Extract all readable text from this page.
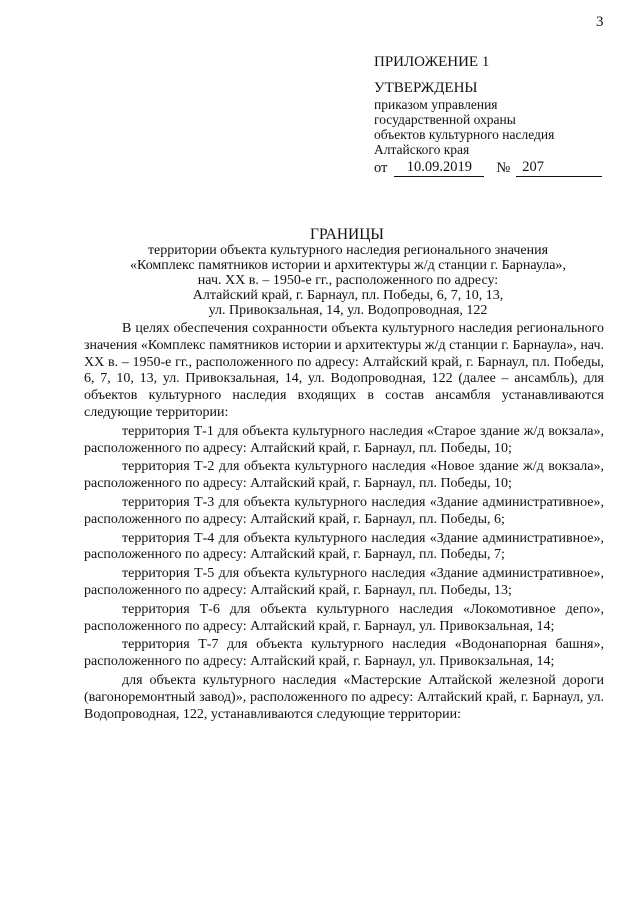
3
ПРИЛОЖЕНИЕ 1
УТВЕРЖДЕНЫ
приказом управления
государственной охраны
объектов культурного наследия
Алтайского края
от	10.09.2019	№ 207
ГРАНИЦЫ
территории объекта культурного наследия регионального значения
«Комплекс памятников истории и архитектуры ж/д станции г. Барнаула»,
нач. XX в. – 1950-е гг., расположенного по адресу:
Алтайский край, г. Барнаул, пл. Победы, 6, 7, 10, 13,
ул. Привокзальная, 14, ул. Водопроводная, 122

В целях обеспечения сохранности объекта культурного наследия регионального значения «Комплекс памятников истории и архитектуры ж/д станции г. Барнаула», нач. XX в. – 1950-е гг., расположенного по адресу: Алтайский край, г. Барнаул, пл. Победы, 6, 7, 10, 13, ул. Привокзальная, 14, ул. Водопроводная, 122 (далее – ансамбль), для объектов культурного наследия входящих в состав ансамбля устанавливаются следующие территории:

территория Т-1 для объекта культурного наследия «Старое здание ж/д вокзала», расположенного по адресу: Алтайский край, г. Барнаул, пл. Победы, 10;

территория Т-2 для объекта культурного наследия «Новое здание ж/д вокзала», расположенного по адресу: Алтайский край, г. Барнаул, пл. Победы, 10;

территория Т-3 для объекта культурного наследия «Здание административное», расположенного по адресу: Алтайский край, г. Барнаул, пл. Победы, 6;

территория Т-4 для объекта культурного наследия «Здание административное», расположенного по адресу: Алтайский край, г. Барнаул, пл. Победы, 7;

территория Т-5 для объекта культурного наследия «Здание административное», расположенного по адресу: Алтайский край, г. Барнаул, пл. Победы, 13;

территория Т-6 для объекта культурного наследия «Локомотивное депо», расположенного по адресу: Алтайский край, г. Барнаул, ул. Привокзальная, 14;

территория Т-7 для объекта культурного наследия «Водонапорная башня», расположенного по адресу: Алтайский край, г. Барнаул, ул. Привокзальная, 14;

для объекта культурного наследия «Мастерские Алтайской железной дороги (вагоноремонтный завод)», расположенного по адресу: Алтайский край, г. Барнаул, ул. Водопроводная, 122, устанавливаются следующие территории:
